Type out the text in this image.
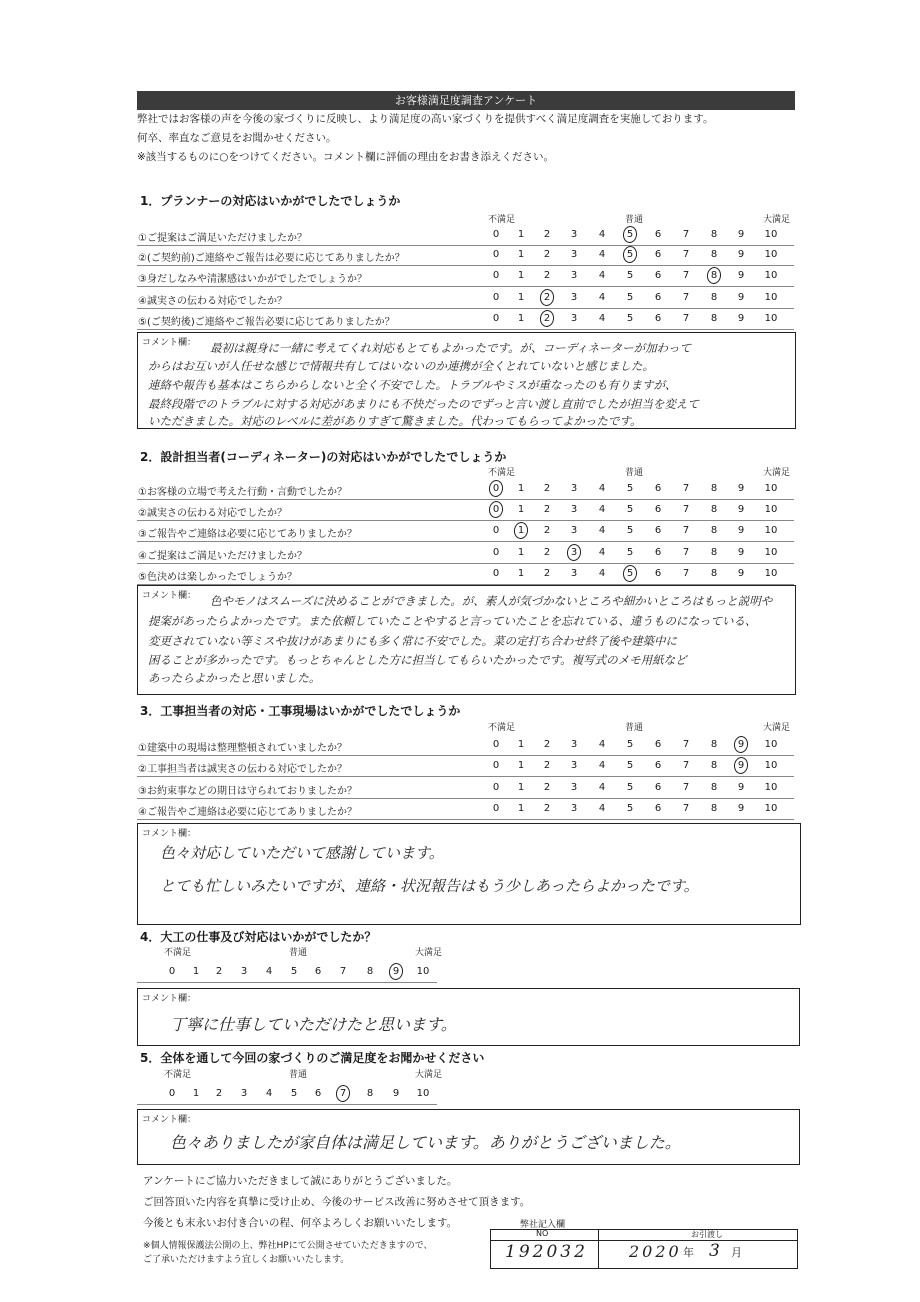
お客様満足度調査アンケート
弊社ではお客様の声を今後の家づくりに反映し、より満足度の高い家づくりを提供すべく満足度調査を実施しております。
何卒、率直なご意見をお聞かせください。
※該当するものに○をつけてください。コメント欄に評価の理由をお書き添えください。
1．プランナーの対応はいかがでしたでしょうか
不満足	普通	大満足
①ご提案はご満足いただけましたか？	0	1	2	3	4	5	6	7	8	9	10
②(ご契約前)ご連絡やご報告は必要に応じてありましたか？	0	1	2	3	4	5	6	7	8	9	10
③身だしなみや清潔感はいかがでしたでしょうか？	0	1	2	3	4	5	6	7	8	9	10
④誠実さの伝わる対応でしたか？	0	1	2	3	4	5	6	7	8	9	10
⑤(ご契約後)ご連絡やご報告必要に応じてありましたか？	0	1	2	3	4	5	6	7	8	9	10
コメント欄： 最初は親身に一緒に考えてくれ対応もとてもよかったです。が、コーディネーターが加わって
からはお互いが人任せな感じで情報共有してはいないのか連携が全くとれていないと感じました。
連絡や報告も基本はこちらからしないと全く不安でした。トラブルやミスが重なったのも有りますが、
最終段階でのトラブルに対する対応があまりにも不快だったのでずっと言い渡し直前でしたが担当を変えて
いただきました。対応のレベルに差がありすぎて驚きました。代わってもらってよかったです。
2．設計担当者(コーディネーター)の対応はいかがでしたでしょうか
不満足	普通	大満足
①お客様の立場で考えた行動・言動でしたか？	0	1	2	3	4	5	6	7	8	9	10
②誠実さの伝わる対応でしたか？	0	1	2	3	4	5	6	7	8	9	10
③ご報告やご連絡は必要に応じてありましたか？	0	1	2	3	4	5	6	7	8	9	10
④ご提案はご満足いただけましたか？	0	1	2	3	4	5	6	7	8	9	10
⑤色決めは楽しかったでしょうか？	0	1	2	3	4	5	6	7	8	9	10
コメント欄： 色やモノはスムーズに決めることができました。が、素人が気づかないところや細かいところはもっと説明や
提案があったらよかったです。また依頼していたことやすると言っていたことを忘れている、違うものになっている、
変更されていない等ミスや抜けがあまりにも多く常に不安でした。菜の定打ち合わせ終了後や建築中に
困ることが多かったです。もっとちゃんとした方に担当してもらいたかったです。複写式のメモ用紙など
あったらよかったと思いました。
3．工事担当者の対応・工事現場はいかがでしたでしょうか
不満足	普通	大満足
①建築中の現場は整理整頓されていましたか？	0	1	2	3	4	5	6	7	8	9	10
②工事担当者は誠実さの伝わる対応でしたか？	0	1	2	3	4	5	6	7	8	9	10
③お約束事などの期日は守られておりましたか？	0	1	2	3	4	5	6	7	8	9	10
④ご報告やご連絡は必要に応じてありましたか？	0	1	2	3	4	5	6	7	8	9	10
コメント欄：
色々対応していただいて感謝しています。
とても忙しいみたいですが、連絡・状況報告はもう少しあったらよかったです。
4．大工の仕事及び対応はいかがでしたか？
不満足	普通	大満足
0	1	2	3	4	5	6	7	8	9	10
コメント欄：
丁寧に仕事していただけたと思います。
5．全体を通して今回の家づくりのご満足度をお聞かせください
不満足	普通	大満足
0	1	2	3	4	5	6	7	8	9	10
コメント欄：
色々ありましたが家自体は満足しています。ありがとうございました。
アンケートにご協力いただきまして誠にありがとうございました。
ご回答頂いた内容を真摯に受け止め、今後のサービス改善に努めさせて頂きます。
今後とも末永いお付き合いの程、何卒よろしくお願いいたします。
※個人情報保護法公開の上、弊社HPにて公開させていただきますので、
ご了承いただけますよう宜しくお願いいたします。
弊社記入欄
NO	お引渡し
192032	2020 年 3 月
